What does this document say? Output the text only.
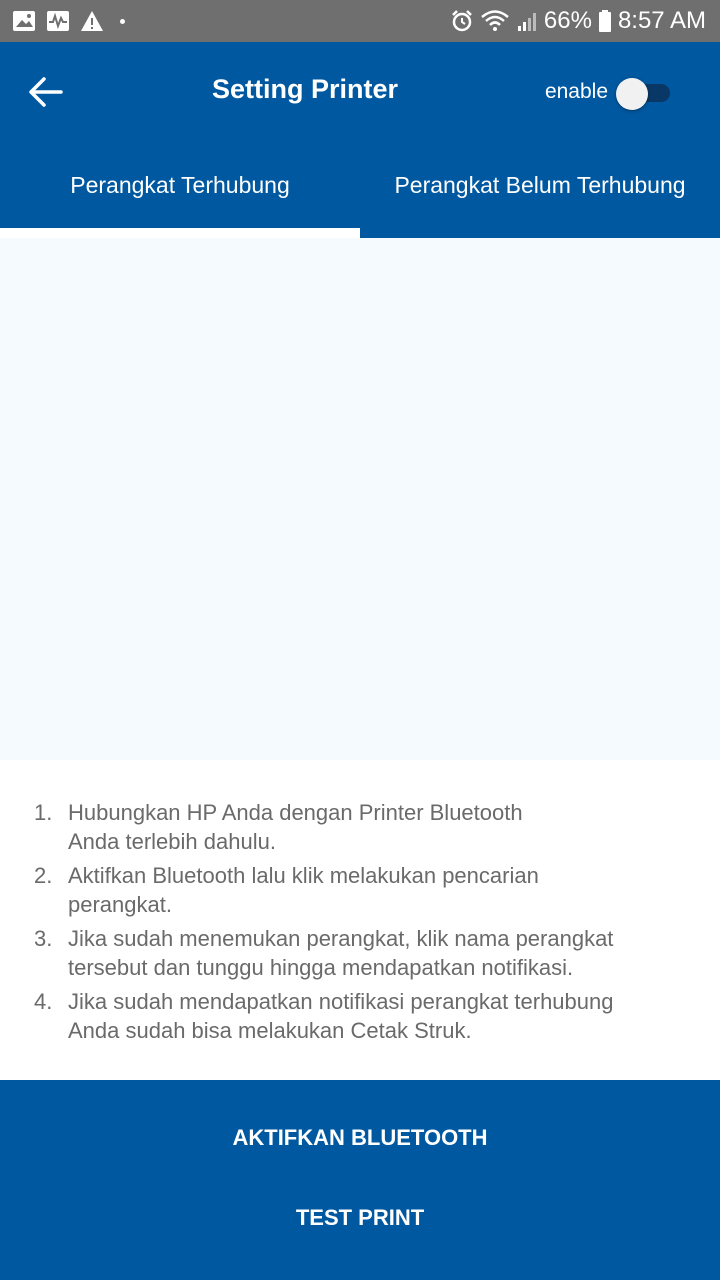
66% 8:57 AM
Setting Printer	enable
Perangkat Terhubung	Perangkat Belum Terhubung
1. Hubungkan HP Anda dengan Printer Bluetooth
Anda terlebih dahulu.
2. Aktifkan Bluetooth lalu klik melakukan pencarian
perangkat.
3. Jika sudah menemukan perangkat, klik nama perangkat
tersebut dan tunggu hingga mendapatkan notifikasi.
4. Jika sudah mendapatkan notifikasi perangkat terhubung
Anda sudah bisa melakukan Cetak Struk.
AKTIFKAN BLUETOOTH
TEST PRINT
